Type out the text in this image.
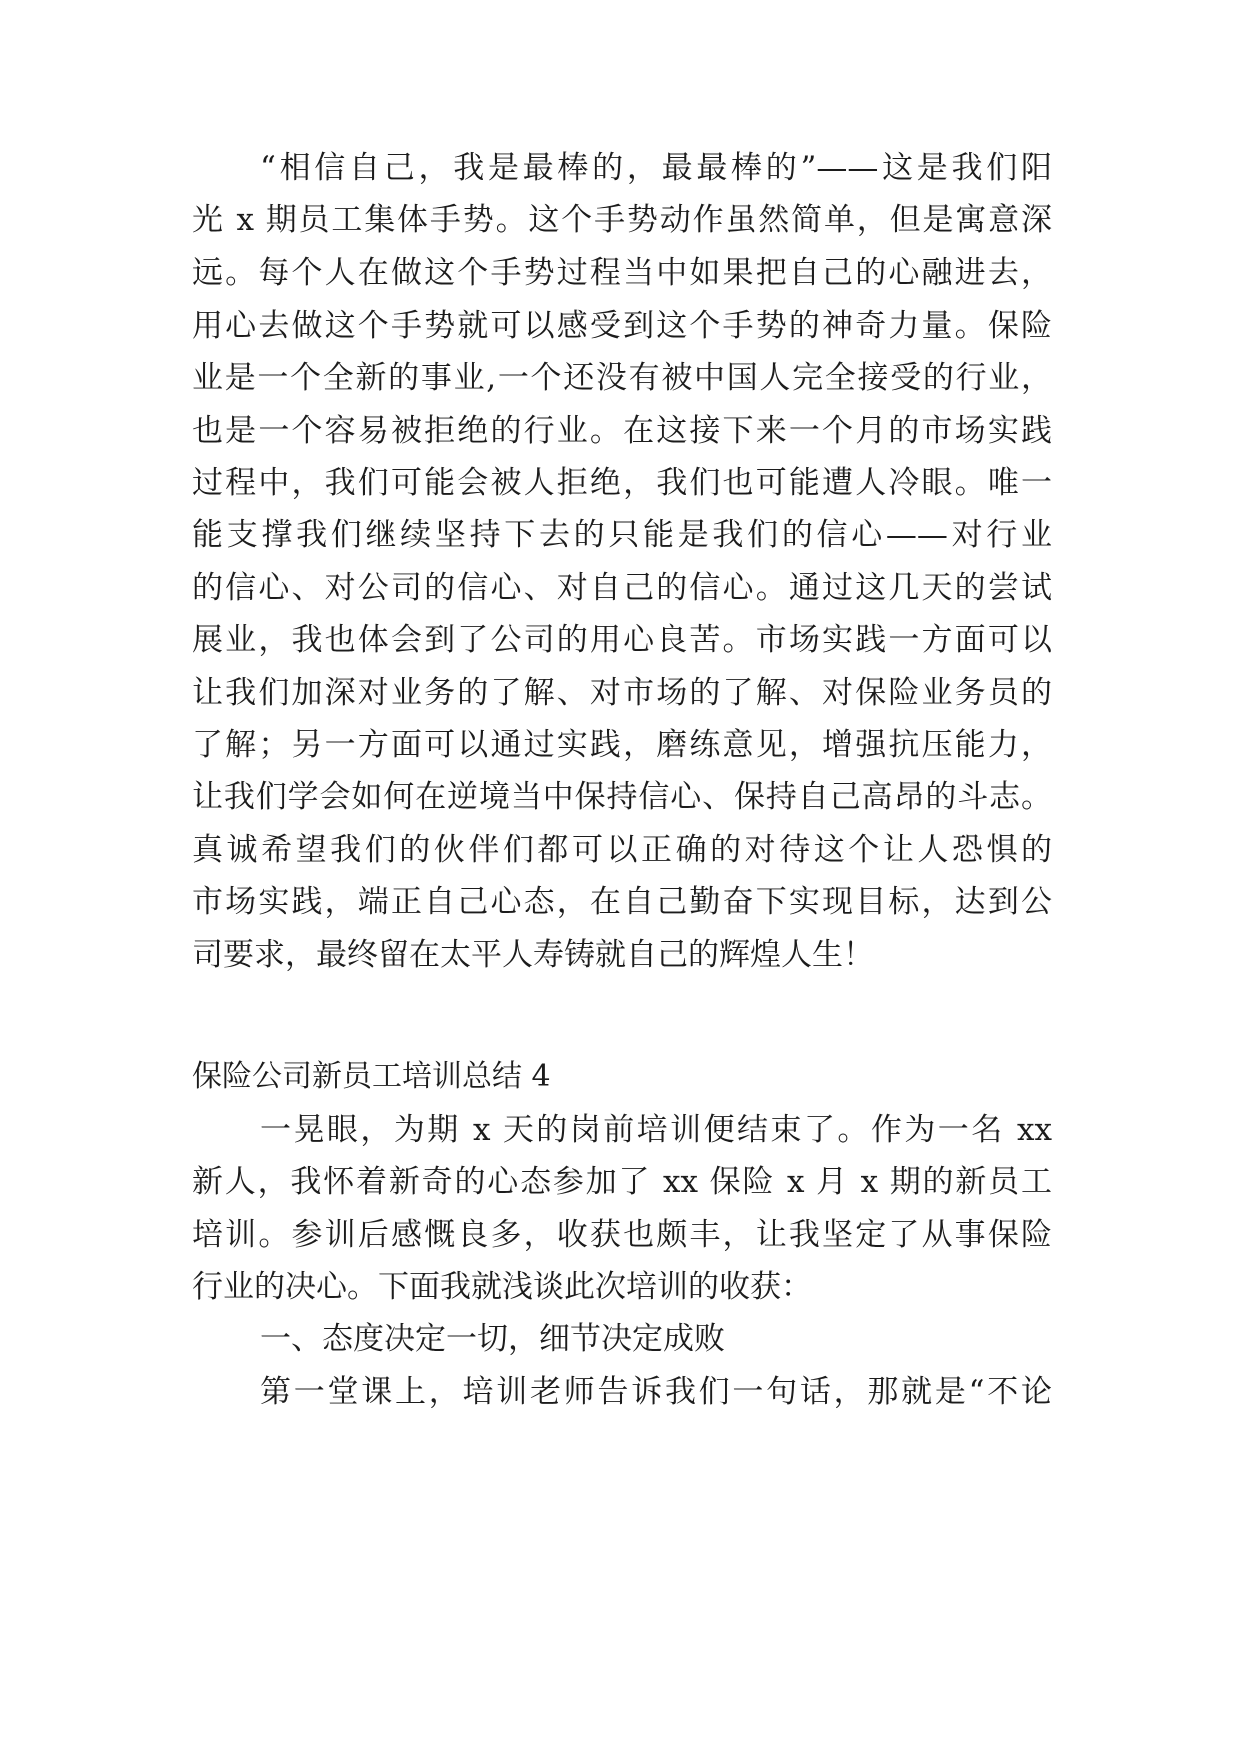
“相信自己，我是最棒的，最最棒的”——这是我们阳
光 x 期员工集体手势。这个手势动作虽然简单，但是寓意深
远。每个人在做这个手势过程当中如果把自己的心融进去，
用心去做这个手势就可以感受到这个手势的神奇力量。保险
业是一个全新的事业,一个还没有被中国人完全接受的行业，
也是一个容易被拒绝的行业。在这接下来一个月的市场实践
过程中，我们可能会被人拒绝，我们也可能遭人冷眼。唯一
能支撑我们继续坚持下去的只能是我们的信心——对行业
的信心、对公司的信心、对自己的信心。通过这几天的尝试
展业，我也体会到了公司的用心良苦。市场实践一方面可以
让我们加深对业务的了解、对市场的了解、对保险业务员的
了解；另一方面可以通过实践，磨练意见，增强抗压能力，
让我们学会如何在逆境当中保持信心、保持自己高昂的斗志。
真诚希望我们的伙伴们都可以正确的对待这个让人恐惧的
市场实践，端正自己心态，在自己勤奋下实现目标，达到公
司要求，最终留在太平人寿铸就自己的辉煌人生！
保险公司新员工培训总结 4
一晃眼，为期 x 天的岗前培训便结束了。作为一名 xx
新人，我怀着新奇的心态参加了 xx 保险 x 月 x 期的新员工
培训。参训后感慨良多，收获也颇丰，让我坚定了从事保险
行业的决心。下面我就浅谈此次培训的收获：
一、态度决定一切，细节决定成败
第一堂课上，培训老师告诉我们一句话，那就是“不论
